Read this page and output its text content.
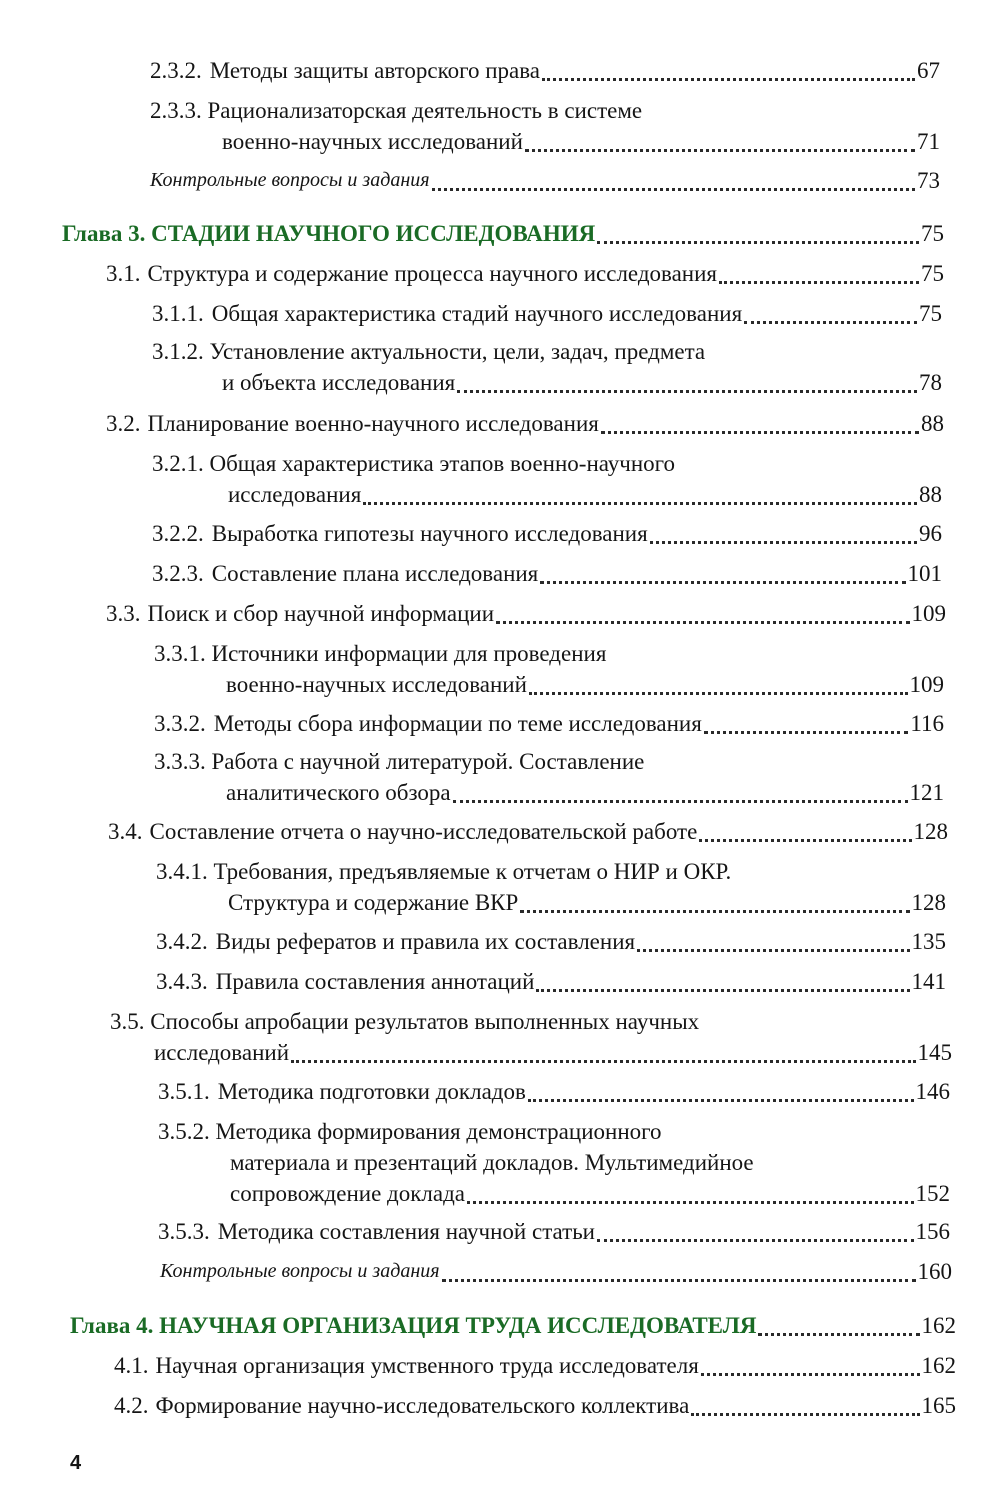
2.3.2. Методы защиты авторского права	67
2.3.3. Рационализаторская деятельность в системе
военно-научных исследований	71
Контрольные вопросы и задания	73
Глава 3. СТАДИИ НАУЧНОГО ИССЛЕДОВАНИЯ	75
3.1. Структура и содержание процесса научного исследования	75
3.1.1. Общая характеристика стадий научного исследования	75
3.1.2. Установление актуальности, цели, задач, предмета
и объекта исследования	78
3.2. Планирование военно-научного исследования	88
3.2.1. Общая характеристика этапов военно-научного
исследования	88
3.2.2. Выработка гипотезы научного исследования	96
3.2.3. Составление плана исследования	101
3.3. Поиск и сбор научной информации	109
3.3.1. Источники информации для проведения
военно-научных исследований	109
3.3.2. Методы сбора информации по теме исследования	116
3.3.3. Работа с научной литературой. Составление
аналитического обзора	121
3.4. Составление отчета о научно-исследовательской работе	128
3.4.1. Требования, предъявляемые к отчетам о НИР и ОКР.
Структура и содержание ВКР	128
3.4.2. Виды рефератов и правила их составления	135
3.4.3. Правила составления аннотаций	141
3.5. Способы апробации результатов выполненных научных
исследований	145
3.5.1. Методика подготовки докладов	146
3.5.2. Методика формирования демонстрационного
материала и презентаций докладов. Мультимедийное
сопровождение доклада	152
3.5.3. Методика составления научной статьи	156
Контрольные вопросы и задания	160
Глава 4. НАУЧНАЯ ОРГАНИЗАЦИЯ ТРУДА ИССЛЕДОВАТЕЛЯ	162
4.1. Научная организация умственного труда исследователя	162
4.2. Формирование научно-исследовательского коллектива	165
4
